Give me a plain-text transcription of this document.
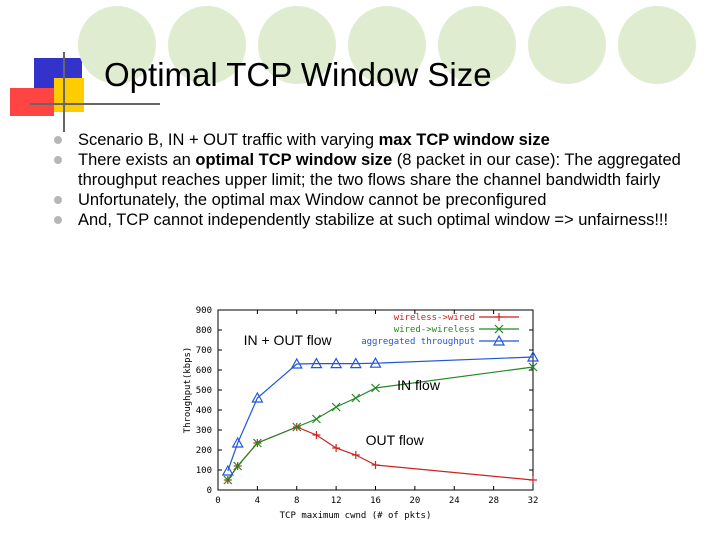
Optimal TCP Window Size
Scenario B, IN + OUT traffic with varying max TCP window size
There exists an optimal TCP window size (8 packet in our case): The aggregated throughput reaches upper limit; the two flows share the channel bandwidth fairly
Unfortunately, the optimal max Window cannot be preconfigured
And, TCP cannot independently stabilize at such optimal window => unfairness!!!
0
100
200
300
400
500
600
700
800
900
0	4	8	12	16	20	24	28	32
TCP maximum cwnd (# of pkts)
Throughput(kbps)
wireless->wired
wired->wireless
aggregated throughput
IN + OUT flow
IN flow
OUT flow
